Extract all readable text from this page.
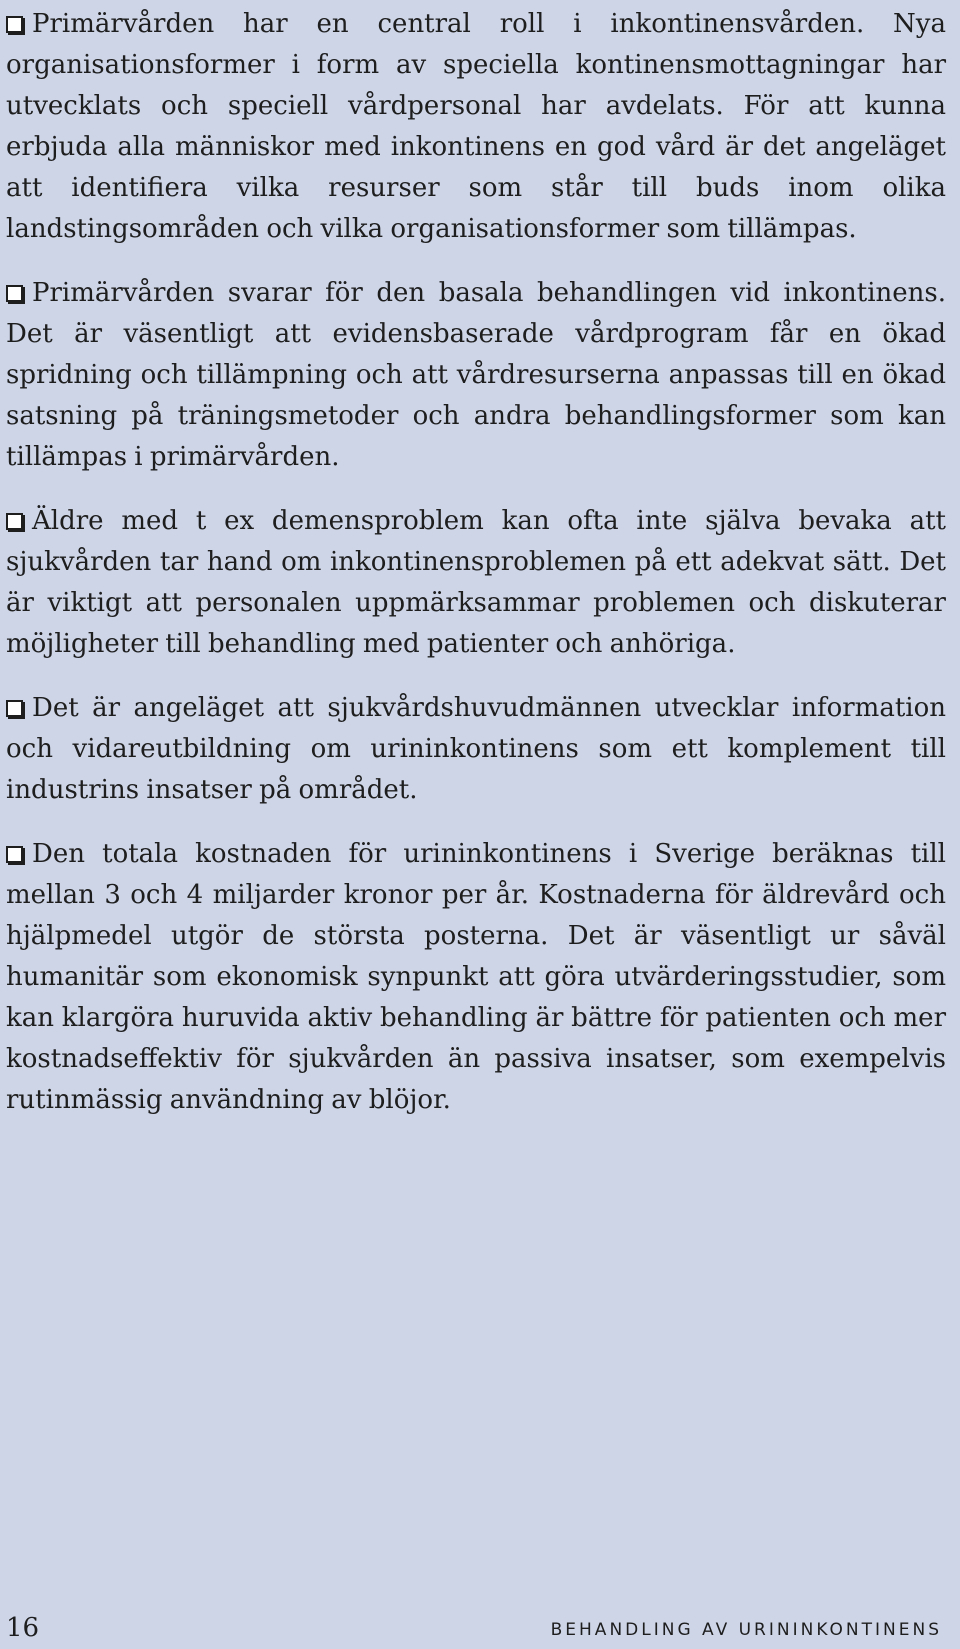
Primärvården har en central roll i inkontinensvården. Nya organisationsformer i form av speciella kontinensmottagningar har utvecklats och speciell vårdpersonal har avdelats. För att kunna erbjuda alla människor med inkontinens en god vård är det angeläget att identifiera vilka resurser som står till buds inom olika landstingsområden och vilka organisationsformer som tillämpas.

Primärvården svarar för den basala behandlingen vid inkontinens. Det är väsentligt att evidensbaserade vårdprogram får en ökad spridning och tillämpning och att vårdresurserna anpassas till en ökad satsning på träningsmetoder och andra behandlingsformer som kan tillämpas i primärvården.

Äldre med t ex demensproblem kan ofta inte själva bevaka att sjukvården tar hand om inkontinensproblemen på ett adekvat sätt. Det är viktigt att personalen uppmärksammar problemen och diskuterar möjligheter till behandling med patienter och anhöriga.

Det är angeläget att sjukvårdshuvudmännen utvecklar information och vidareutbildning om urininkontinens som ett komplement till industrins insatser på området.

Den totala kostnaden för urininkontinens i Sverige beräknas till mellan 3 och 4 miljarder kronor per år. Kostnaderna för äldrevård och hjälpmedel utgör de största posterna. Det är väsentligt ur såväl humanitär som ekonomisk synpunkt att göra utvärderingsstudier, som kan klargöra huruvida aktiv behandling är bättre för patienten och mer kostnadseffektiv för sjukvården än passiva insatser, som exempelvis rutinmässig användning av blöjor.

16	BEHANDLING AV URININKONTINENS
